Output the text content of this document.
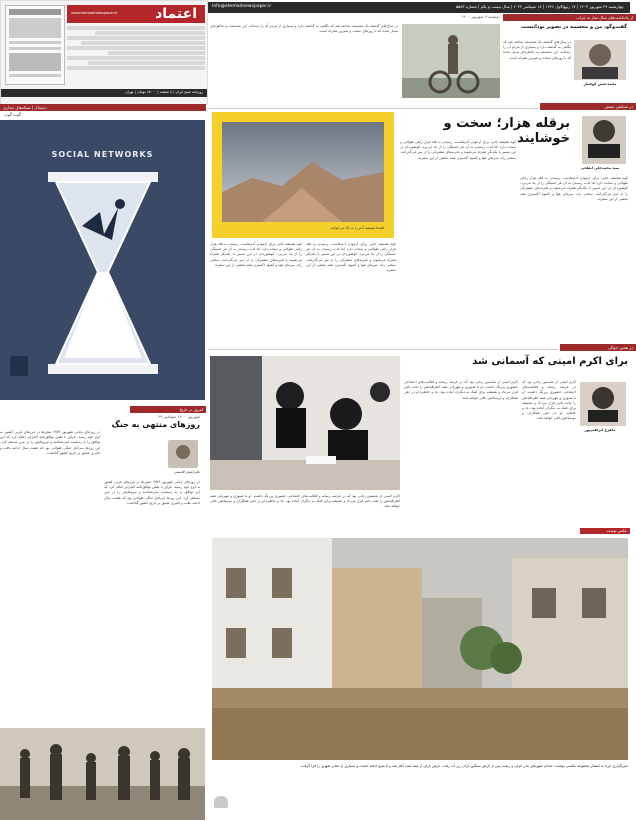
چهارشنبه ۲۹ شهریور ۱۴۰۳ | ۱۷ ربیع‌الاول ۱۴۴۶ | ۱۸ سپتامبر ۲۰۲۴ | سال بیست و یکم | شماره ۵۵۸۳
Info@etemadnewspaper.ir
اعتماد
www.etemadnewspaper.ir
روزنامه صبح ایران | ۸ صفحه | ۱۵۰۰۰ تومان | تهران
دیجیتال | شبکه‌های مجازی
گوت گوت
SOCIAL NETWORKS
امروز در تاریخ
۲۹ شهریور ۱۴۰۰ سپتامبر
روزهای منتهی به جنگ
علی‌اصغر قاسمی
در روزهای پایانی شهریور ۱۳۵۹ تنش‌ها در مرزهای غربی کشور به اوج خود رسید. عراق با نقض توافق‌نامه الجزایر اعلام کرد که این توافق را به رسمیت نمی‌شناسد و نیروهایش را در مرز مستقر کرد. این روزها سرآغاز جنگی طولانی بود که هشت سال ادامه یافت و تاثیری عمیق بر تاریخ کشور گذاشت.
در روزهای پایانی شهریور ۱۳۵۹ تنش‌ها در مرزهای غربی کشور به اوج خود رسید. عراق با نقض توافق‌نامه الجزایر اعلام کرد که این توافق را به رسمیت نمی‌شناسد و نیروهایش را در مرز مستقر کرد. این روزها سرآغاز جنگی طولانی بود که هشت سال ادامه یافت و تاثیری عمیق بر تاریخ کشور گذاشت.
از یادداشت‌های سال ساز به جرات
گفت‌وگو، من و مجسمه در تصویر بودائیست
محمدحسن کوشیار
در سال‌های گذشته یک مجسمه ساخته شد که نگاهی به گذشته دارد و بسیاری از مردم آن را دیده‌اند. این مجسمه به خاطره‌ای تبدیل شده که با روزهای سخت و شیرین همراه است.
دوشنبه ۹ شهریور ۱۴۰۰
در سال‌های گذشته یک مجسمه ساخته شد که نگاهی به گذشته دارد و بسیاری از مردم آن را دیده‌اند. این مجسمه به خاطره‌ای تبدیل شده که با روزهای سخت و شیرین همراه است.
در ستایش جنبش
برقله هزار؛ سخت و خوشایند
سید محمدعلی ابطحی
قله‌ها همیشه آدم را به بالا می‌خوانند
کوه همیشه جایی برای آزمودن آدم‌هاست. رسیدن به قله هزار راهی طولانی و سخت دارد اما لذت رسیدن به آن هر خستگی را از یاد می‌برد. کوهنوردان در این مسیر با یکدیگر همراه می‌شوند و تجربه‌های مشترکی را از سر می‌گذرانند. سختی راه، سرمای هوا و کمبود اکسیژن همه بخشی از این سفرند.
کوه همیشه جایی برای آزمودن آدم‌هاست. رسیدن به قله هزار راهی طولانی و سخت دارد اما لذت رسیدن به آن هر خستگی را از یاد می‌برد. کوهنوردان در این مسیر با یکدیگر همراه می‌شوند و تجربه‌های مشترکی را از سر می‌گذرانند. سختی راه، سرمای هوا و کمبود اکسیژن همه بخشی از این سفرند.
کوه همیشه جایی برای آزمودن آدم‌هاست. رسیدن به قله هزار راهی طولانی و سخت دارد اما لذت رسیدن به آن هر خستگی را از یاد می‌برد. کوهنوردان در این مسیر با یکدیگر همراه می‌شوند و تجربه‌های مشترکی را از سر می‌گذرانند. سختی راه، سرمای هوا و کمبود اکسیژن همه بخشی از این سفرند.
کوه همیشه جایی برای آزمودن آدم‌هاست. رسیدن به قله هزار راهی طولانی و سخت دارد اما لذت رسیدن به آن هر خستگی را از یاد می‌برد. کوهنوردان در این مسیر با یکدیگر همراه می‌شوند و تجربه‌های مشترکی را از سر می‌گذرانند. سختی راه، سرمای هوا و کمبود اکسیژن همه بخشی از این سفرند.
در همین حوالی
برای اکرم امینی که آسمانی شد
ماهرخ ابراهیم‌پور
اکرم امینی از نخستین زنانی بود که در عرصه رسانه و فعالیت‌های اجتماعی حضوری پررنگ داشت. او با صبوری و مهربانی همه اطرافیانش را تحت تاثیر قرار می‌داد و همیشه برای کمک به دیگران آماده بود. یاد و خاطره او در ذهن همکاران و دوستانش باقی خواهد ماند.
اکرم امینی از نخستین زنانی بود که در عرصه رسانه و فعالیت‌های اجتماعی حضوری پررنگ داشت. او با صبوری و مهربانی همه اطرافیانش را تحت تاثیر قرار می‌داد و همیشه برای کمک به دیگران آماده بود. یاد و خاطره او در ذهن همکاران و دوستانش باقی خواهد ماند.
اکرم امینی از نخستین زنانی بود که در عرصه رسانه و فعالیت‌های اجتماعی حضوری پررنگ داشت. او با صبوری و مهربانی همه اطرافیانش را تحت تاثیر قرار می‌داد و همیشه برای کمک به دیگران آماده بود. یاد و خاطره او در ذهن همکاران و دوستانش باقی خواهد ماند.
عکس نوشت
خیریگزاری ایرنا به انتشار مجموعه عکسی نوشت: خیابان شهرهای بندر انزلی و رشت پس از بارش سنگین باران زیر آب رفت. بارش باران از نیمه شب آغاز شد و تا صبح ادامه داشت و بسیاری از معابر شهری را فرا گرفت.
